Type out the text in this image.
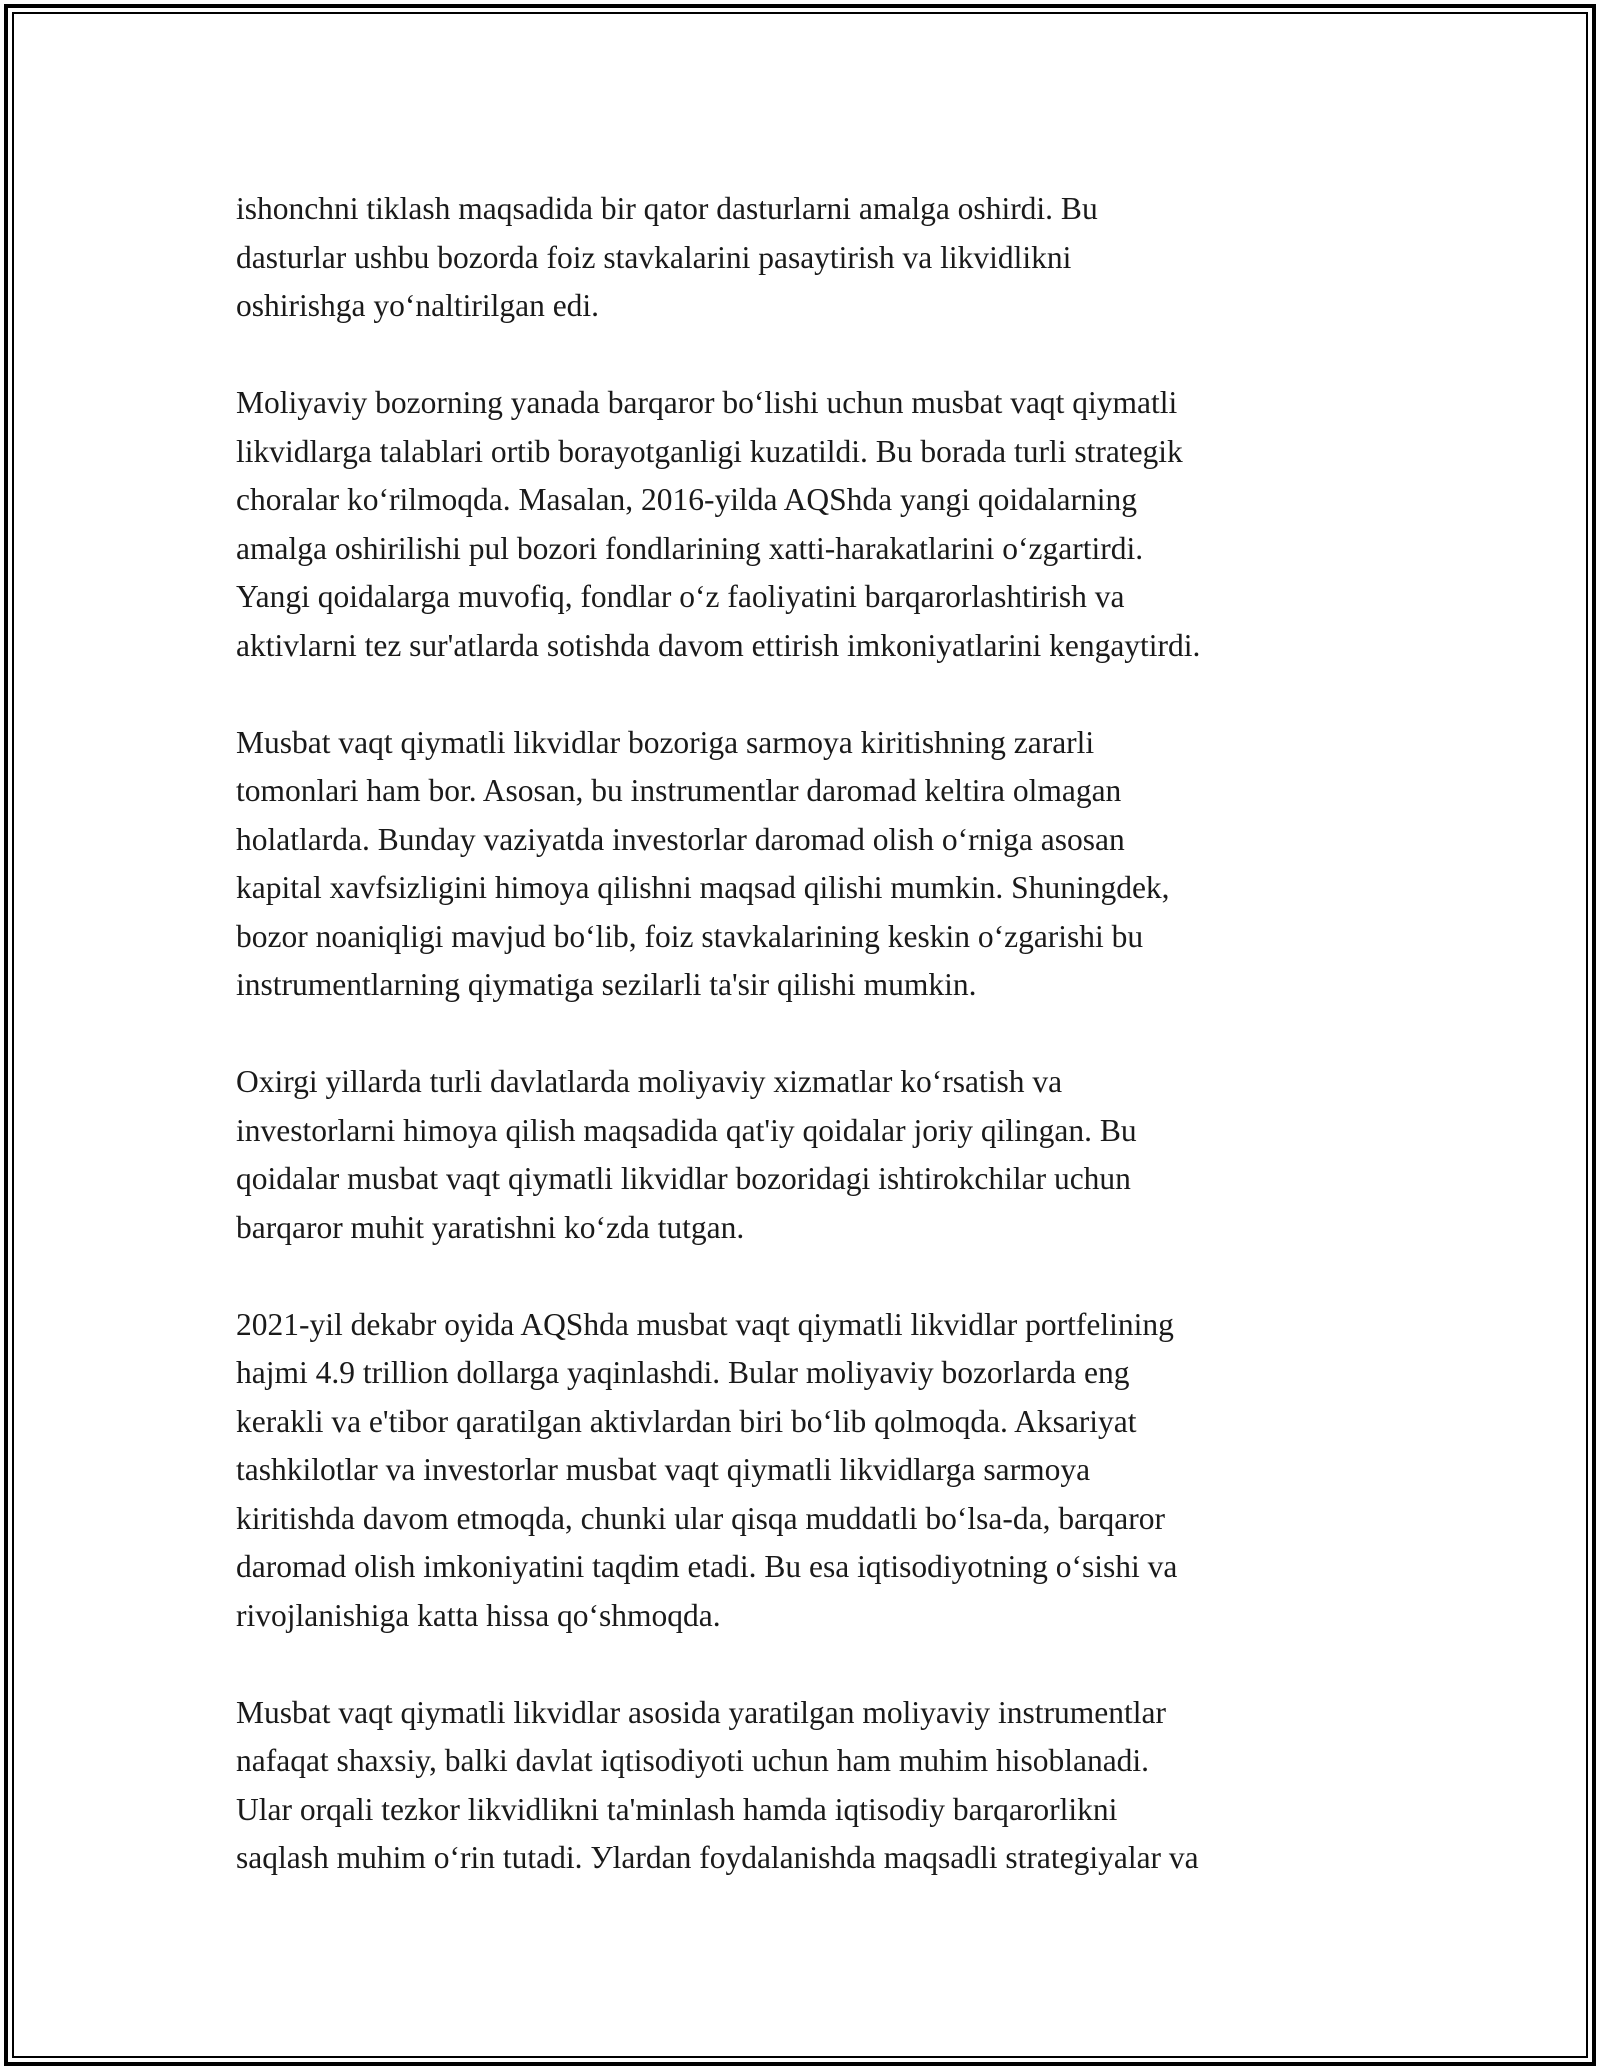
ishonchni tiklash maqsadida bir qator dasturlarni amalga oshirdi. Bu
dasturlar ushbu bozorda foiz stavkalarini pasaytirish va likvidlikni
oshirishga yo‘naltirilgan edi.

Moliyaviy bozorning yanada barqaror bo‘lishi uchun musbat vaqt qiymatli
likvidlarga talablari ortib borayotganligi kuzatildi. Bu borada turli strategik
choralar ko‘rilmoqda. Masalan, 2016-yilda AQShda yangi qoidalarning
amalga oshirilishi pul bozori fondlarining xatti-harakatlarini o‘zgartirdi.
Yangi qoidalarga muvofiq, fondlar o‘z faoliyatini barqarorlashtirish va
aktivlarni tez sur'atlarda sotishda davom ettirish imkoniyatlarini kengaytirdi.

Musbat vaqt qiymatli likvidlar bozoriga sarmoya kiritishning zararli
tomonlari ham bor. Asosan, bu instrumentlar daromad keltira olmagan
holatlarda. Bunday vaziyatda investorlar daromad olish o‘rniga asosan
kapital xavfsizligini himoya qilishni maqsad qilishi mumkin. Shuningdek,
bozor noaniqligi mavjud bo‘lib, foiz stavkalarining keskin o‘zgarishi bu
instrumentlarning qiymatiga sezilarli ta'sir qilishi mumkin.

Oxirgi yillarda turli davlatlarda moliyaviy xizmatlar ko‘rsatish va
investorlarni himoya qilish maqsadida qat'iy qoidalar joriy qilingan. Bu
qoidalar musbat vaqt qiymatli likvidlar bozoridagi ishtirokchilar uchun
barqaror muhit yaratishni ko‘zda tutgan.

2021-yil dekabr oyida AQShda musbat vaqt qiymatli likvidlar portfelining
hajmi 4.9 trillion dollarga yaqinlashdi. Bular moliyaviy bozorlarda eng
kerakli va e'tibor qaratilgan aktivlardan biri bo‘lib qolmoqda. Aksariyat
tashkilotlar va investorlar musbat vaqt qiymatli likvidlarga sarmoya
kiritishda davom etmoqda, chunki ular qisqa muddatli bo‘lsa-da, barqaror
daromad olish imkoniyatini taqdim etadi. Bu esa iqtisodiyotning o‘sishi va
rivojlanishiga katta hissa qo‘shmoqda.

Musbat vaqt qiymatli likvidlar asosida yaratilgan moliyaviy instrumentlar
nafaqat shaxsiy, balki davlat iqtisodiyoti uchun ham muhim hisoblanadi.
Ular orqali tezkor likvidlikni ta'minlash hamda iqtisodiy barqarorlikni
saqlash muhim o‘rin tutadi. Уlardan foydalanishda maqsadli strategiyalar va
